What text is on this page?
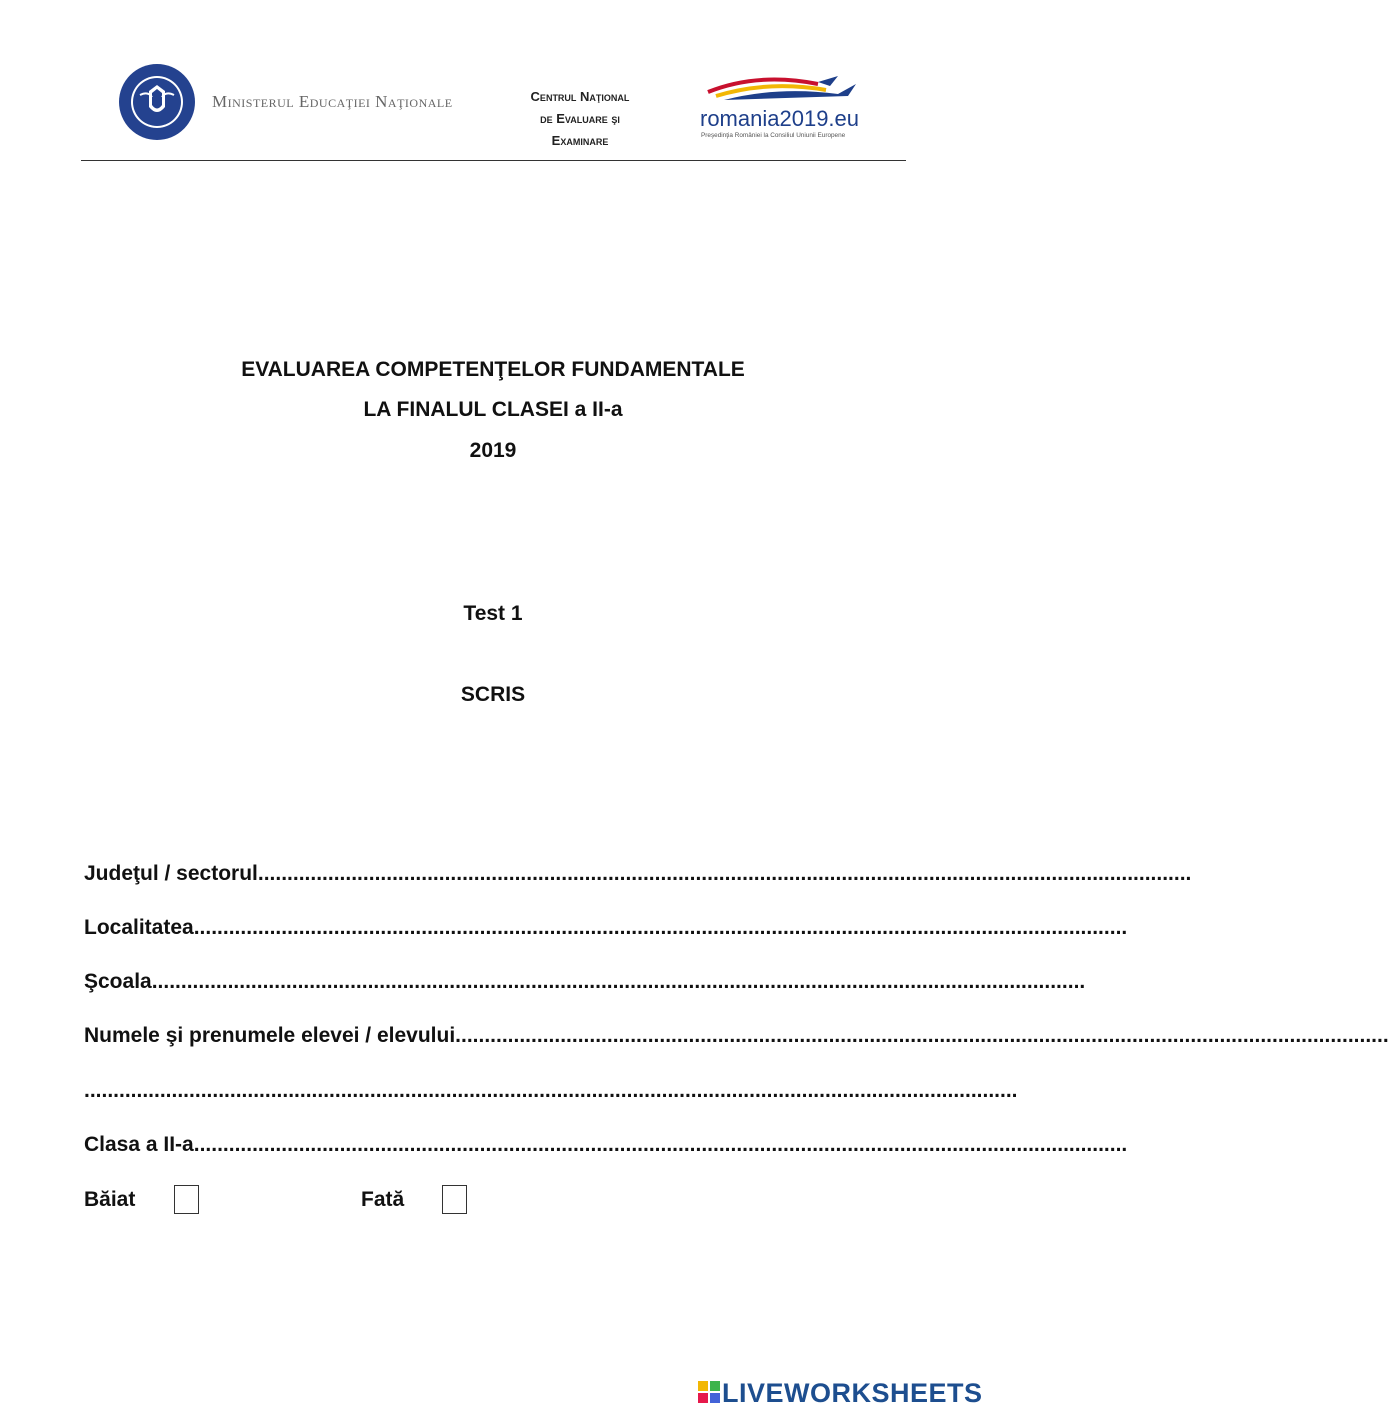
Ministerul Educaţiei Naţionale	Centrul Naţional
de Evaluare şi
Examinare
romania2019.eu
Preşedinţia României la Consiliul Uniunii Europene
EVALUAREA COMPETENŢELOR FUNDAMENTALE
LA FINALUL CLASEI a II-a
2019
Test 1
SCRIS
Judeţul / sectorul................................................................................................................................................................
Localitatea................................................................................................................................................................
Şcoala................................................................................................................................................................
Numele şi prenumele elevei / elevului................................................................................................................................................................
................................................................................................................................................................
Clasa a II-a................................................................................................................................................................
Băiat	Fată
LIVEWORKSHEETS
